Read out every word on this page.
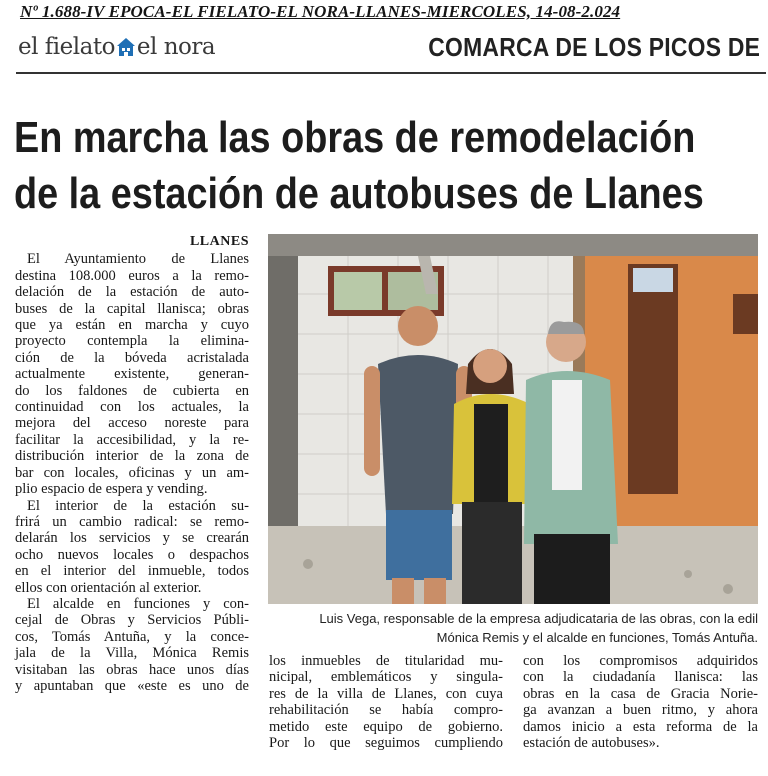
Nº 1.688-IV EPOCA-EL FIELATO-EL NORA-LLANES-MIERCOLES, 14-08-2.024
el fielato el nora	COMARCA DE LOS PICOS DE
En marcha las obras de remodelación
de la estación de autobuses de Llanes
LLANES

El Ayuntamiento de Llanes
destina 108.000 euros a la remo-
delación de la estación de auto-
buses de la capital llanisca; obras
que ya están en marcha y cuyo
proyecto contempla la elimina-
ción de la bóveda acristalada
actualmente existente, generan-
do los faldones de cubierta en
continuidad con los actuales, la
mejora del acceso noreste para
facilitar la accesibilidad, y la re-
distribución interior de la zona de
bar con locales, oficinas y un am-
plio espacio de espera y vending.

El interior de la estación su-
frirá un cambio radical: se remo-
delarán los servicios y se crearán
ocho nuevos locales o despachos
en el interior del inmueble, todos
ellos con orientación al exterior.

El alcalde en funciones y con-
cejal de Obras y Servicios Públi-
cos, Tomás Antuña, y la conce-
jala de la Villa, Mónica Remis
visitaban las obras hace unos días
y apuntaban que «este es uno de

Luis Vega, responsable de la empresa adjudicataria de las obras, con la edil
Mónica Remis y el alcalde en funciones, Tomás Antuña.

los inmuebles de titularidad mu-
nicipal, emblemáticos y singula-
res de la villa de Llanes, con cuya
rehabilitación se había compro-
metido este equipo de gobierno.
Por lo que seguimos cumpliendo

con los compromisos adquiridos
con la ciudadanía llanisca: las
obras en la casa de Gracia Norie-
ga avanzan a buen ritmo, y ahora
damos inicio a esta reforma de la
estación de autobuses».
